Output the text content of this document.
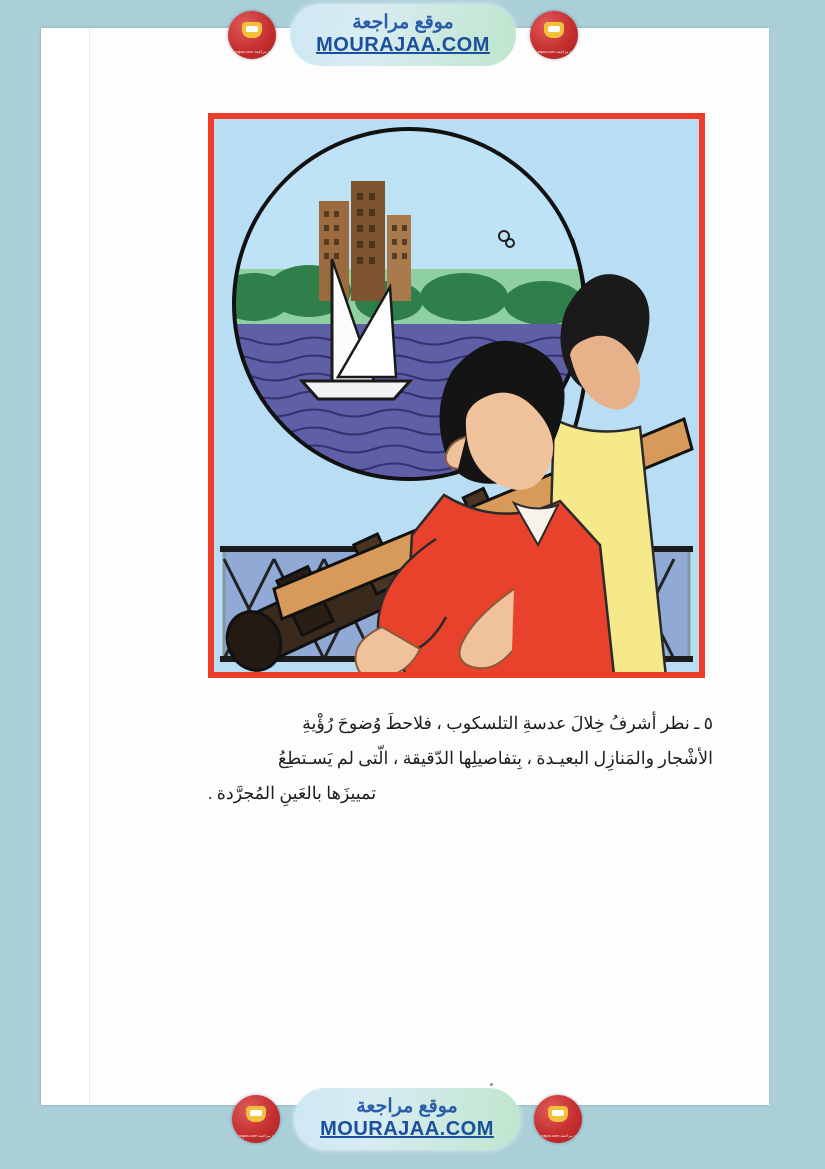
٥ ـ نطر أشرفُ خِلالَ عدسةِ التلسكوب ، فلاحطَ وُضوحَ رُؤْيةِ
الأشْجار والمَنازِل البعيـدة ، بِتفاصيلِها الدّقيقة ، الّتى لم يَسـتطِعُ
تمييزَها بالعَينِ المُجرَّدة .

موقع مراجعة mourajaa.com
موقع مراجعة
MOURAJAA.COM	موقع مراجعة mourajaa.com
موقع مراجعة mourajaa.com
موقع مراجعة
MOURAJAA.COM	موقع مراجعة mourajaa.com
